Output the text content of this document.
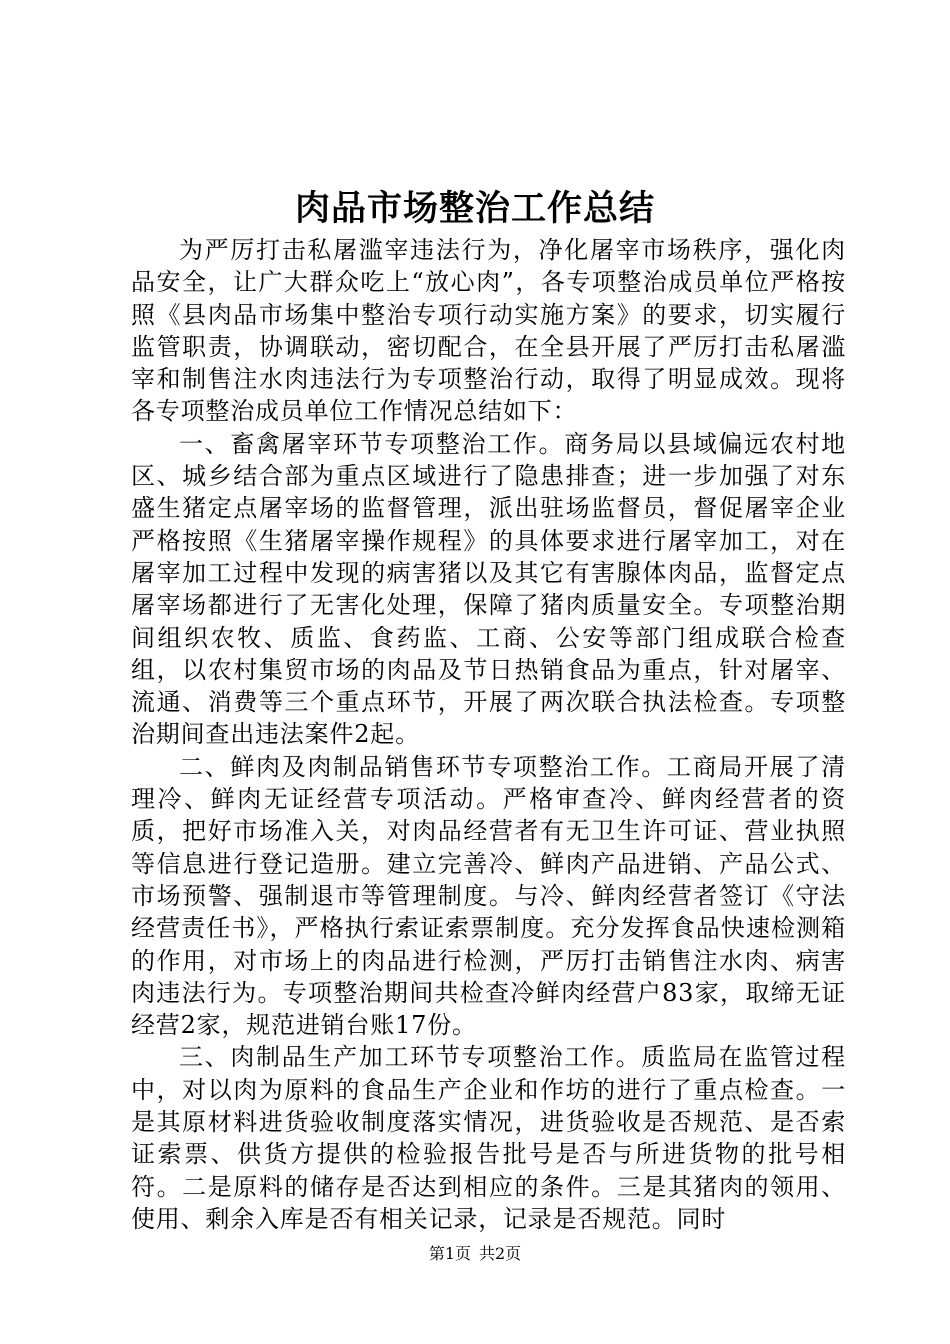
肉品市场整治工作总结

为严厉打击私屠滥宰违法行为，净化屠宰市场秩序，强化肉品安全，让广大群众吃上“放心肉”，各专项整治成员单位严格按照《县肉品市场集中整治专项行动实施方案》的要求，切实履行监管职责，协调联动，密切配合，在全县开展了严厉打击私屠滥宰和制售注水肉违法行为专项整治行动，取得了明显成效。现将各专项整治成员单位工作情况总结如下：

一、畜禽屠宰环节专项整治工作。商务局以县域偏远农村地区、城乡结合部为重点区域进行了隐患排查；进一步加强了对东盛生猪定点屠宰场的监督管理，派出驻场监督员，督促屠宰企业严格按照《生猪屠宰操作规程》的具体要求进行屠宰加工，对在屠宰加工过程中发现的病害猪以及其它有害腺体肉品，监督定点屠宰场都进行了无害化处理，保障了猪肉质量安全。专项整治期间组织农牧、质监、食药监、工商、公安等部门组成联合检查组，以农村集贸市场的肉品及节日热销食品为重点，针对屠宰、流通、消费等三个重点环节，开展了两次联合执法检查。专项整治期间查出违法案件2起。

二、鲜肉及肉制品销售环节专项整治工作。工商局开展了清理冷、鲜肉无证经营专项活动。严格审查冷、鲜肉经营者的资质，把好市场准入关，对肉品经营者有无卫生许可证、营业执照等信息进行登记造册。建立完善冷、鲜肉产品进销、产品公式、市场预警、强制退市等管理制度。与冷、鲜肉经营者签订《守法经营责任书》，严格执行索证索票制度。充分发挥食品快速检测箱的作用，对市场上的肉品进行检测，严厉打击销售注水肉、病害肉违法行为。专项整治期间共检查冷鲜肉经营户83家，取缔无证经营2家，规范进销台账17份。

三、肉制品生产加工环节专项整治工作。质监局在监管过程中，对以肉为原料的食品生产企业和作坊的进行了重点检查。一是其原材料进货验收制度落实情况，进货验收是否规范、是否索证索票、供货方提供的检验报告批号是否与所进货物的批号相符。二是原料的储存是否达到相应的条件。三是其猪肉的领用、使用、剩余入库是否有相关记录，记录是否规范。同时

第1页 共2页
